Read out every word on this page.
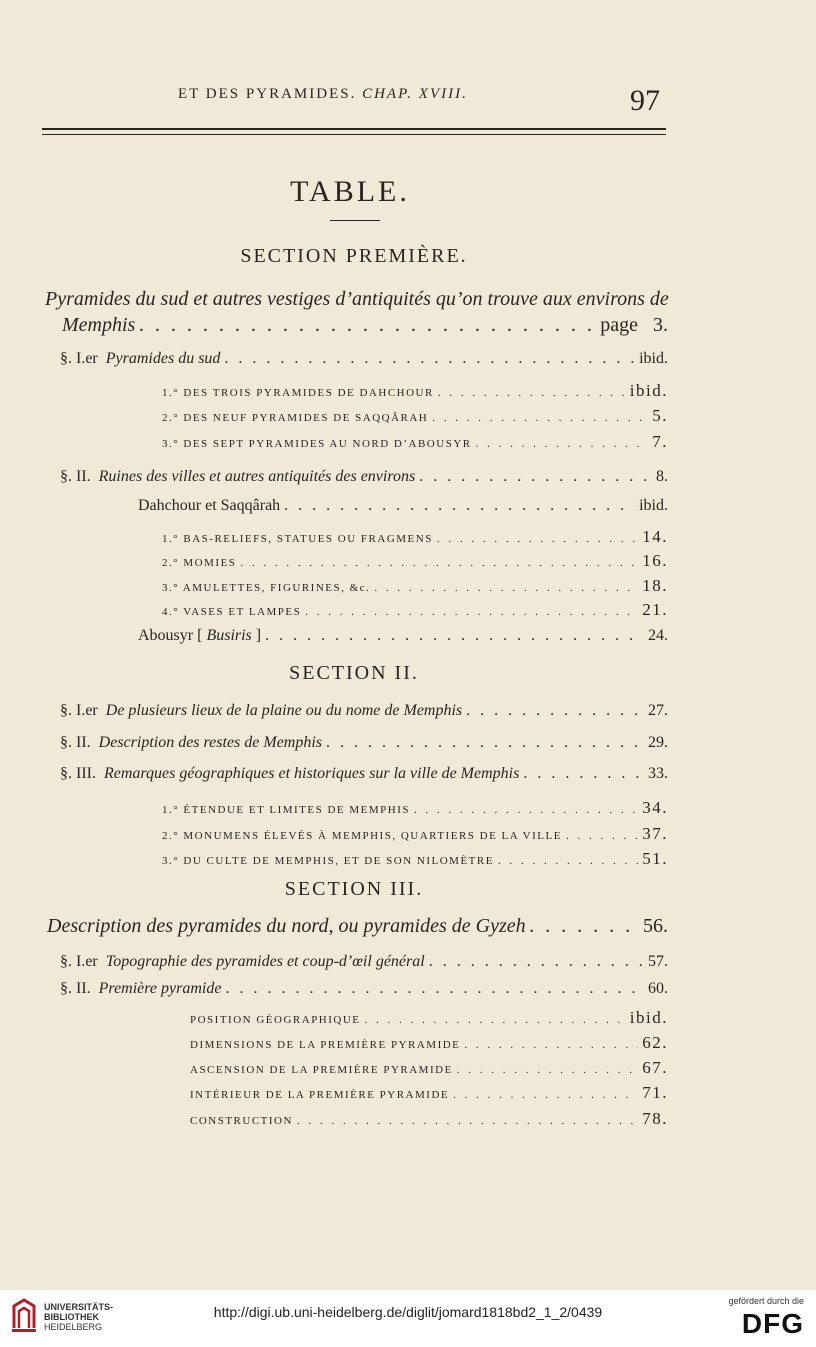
ET DES PYRAMIDES. CHAP. XVIII.	97
TABLE.
SECTION PREMIÈRE.
Pyramides du sud et autres vestiges d’antiquités qu’on trouve aux environs de
Memphis . . .	page 3.
§. I.er Pyramides du sud . . .	ibid.
1.° DES TROIS PYRAMIDES DE DAHCHOUR . . .	ibid.
2.° DES NEUF PYRAMIDES DE SAQQÂRAH . . .	5.
3.° DES SEPT PYRAMIDES AU NORD D’ABOUSYR . . .	7.
§. II. Ruines des villes et autres antiquités des environs . . .	8.
Dahchour et Saqqârah . . .	ibid.
1.° BAS-RELIEFS, STATUES OU FRAGMENS . . .	14.
2.° MOMIES . . .	16.
3.° AMULETTES, FIGURINES, &c. . . .	18.
4.° VASES ET LAMPES . . .	21.
Abousyr [ Busiris ] . . .	24.
SECTION II.
§. I.er De plusieurs lieux de la plaine ou du nome de Memphis . . .	27.
§. II. Description des restes de Memphis . . .	29.
§. III. Remarques géographiques et historiques sur la ville de Memphis . . .	33.
1.° ÉTENDUE ET LIMITES DE MEMPHIS . . .	34.
2.° MONUMENS ÉLEVÉS À MEMPHIS, QUARTIERS DE LA VILLE . . .	37.
3.° DU CULTE DE MEMPHIS, ET DE SON NILOMÈTRE . . .	51.
SECTION III.
Description des pyramides du nord, ou pyramides de Gyzeh . . .	56.
§. I.er Topographie des pyramides et coup-d’œil général . . .	57.
§. II. Première pyramide . . .	60.
POSITION GÉOGRAPHIQUE . . .	ibid.
DIMENSIONS DE LA PREMIÈRE PYRAMIDE . . .	62.
ASCENSION DE LA PREMIÈRE PYRAMIDE . . .	67.
INTÉRIEUR DE LA PREMIÈRE PYRAMIDE . . .	71.
CONSTRUCTION . . .	78.
UNIVERSITÄTS-
BIBLIOTHEK
HEIDELBERG
http://digi.ub.uni-heidelberg.de/diglit/jomard1818bd2_1_2/0439
gefördert durch die
DFG
